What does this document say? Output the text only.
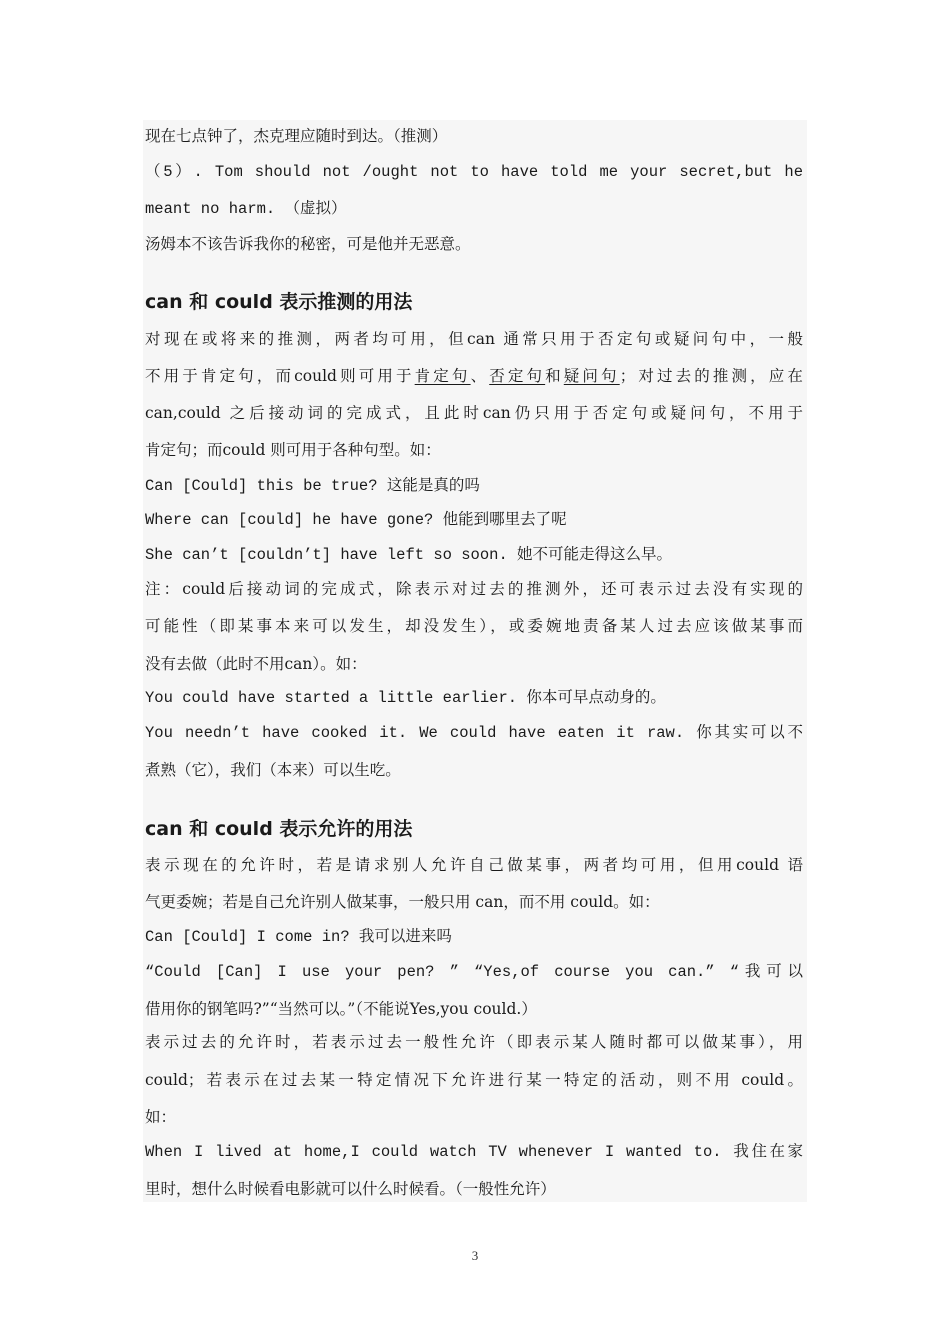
现在七点钟了，杰克理应随时到达。（推测）
（5）. Tom should not /ought not to have told me your secret,but he
meant no harm. （虚拟）
汤姆本不该告诉我你的秘密，可是他并无恶意。
can 和 could 表示推测的用法
对现在或将来的推测，两者均可用，但can 通常只用于否定句或疑问句中，一般
不用于肯定句，而could则可用于肯定句、否定句和疑问句；对过去的推测，应在
can,could 之后接动词的完成式，且此时can仍只用于否定句或疑问句，不用于
肯定句；而could 则可用于各种句型。如：
Can [Could] this be true? 这能是真的吗
Where can [could] he have gone? 他能到哪里去了呢
She can’t [couldn’t] have left so soon. 她不可能走得这么早。
注：could后接动词的完成式，除表示对过去的推测外，还可表示过去没有实现的
可能性（即某事本来可以发生，却没发生），或委婉地责备某人过去应该做某事而
没有去做（此时不用can）。如：
You could have started a little earlier. 你本可早点动身的。
You needn’t have cooked it. We could have eaten it raw. 你其实可以不
煮熟（它），我们（本来）可以生吃。
can 和 could 表示允许的用法
表示现在的允许时，若是请求别人允许自己做某事，两者均可用，但用could 语
气更委婉；若是自己允许别人做某事，一般只用 can，而不用 could。如：
Can [Could] I come in? 我可以进来吗
“Could [Can] I use your pen? ” “Yes,of course you can.” “我可以
借用你的钢笔吗?”“当然可以。”（不能说Yes,you could.）
表示过去的允许时，若表示过去一般性允许（即表示某人随时都可以做某事），用
could；若表示在过去某一特定情况下允许进行某一特定的活动，则不用 could。
如：
When I lived at home,I could watch TV whenever I wanted to. 我住在家
里时，想什么时候看电影就可以什么时候看。（一般性允许）
3
